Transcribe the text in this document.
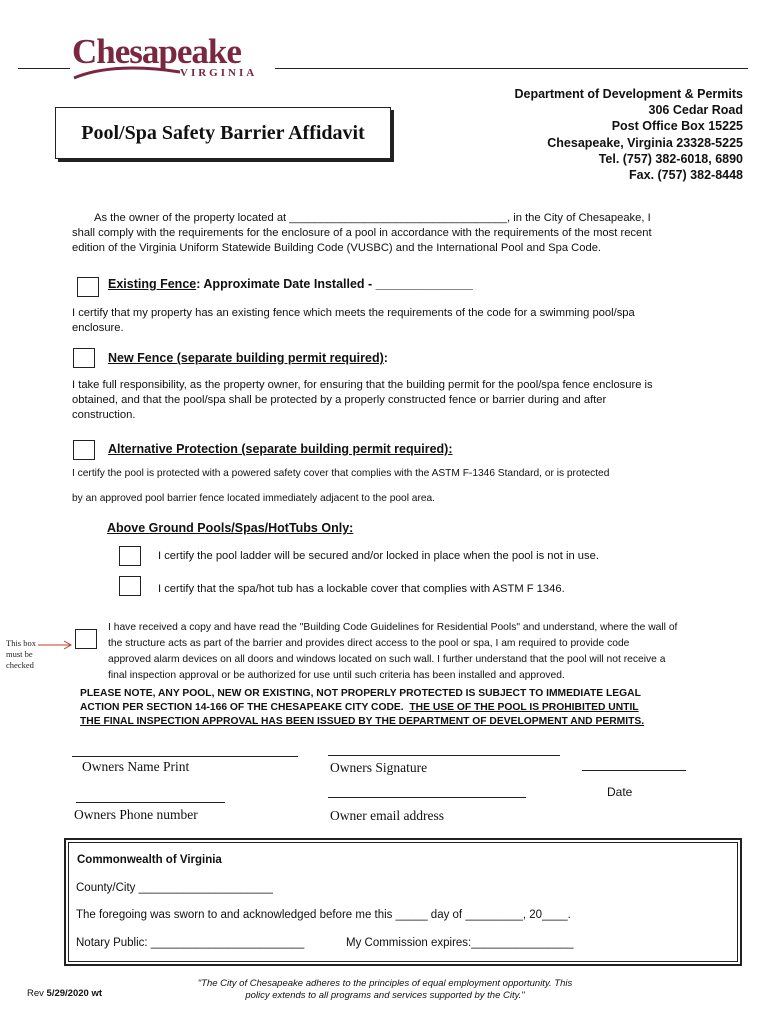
Chesapeake
VIRGINIA
Pool/Spa Safety Barrier Affidavit
Department of Development & Permits
306 Cedar Road
Post Office Box 15225
Chesapeake, Virginia 23328-5225
Tel. (757) 382-6018, 6890
Fax. (757) 382-8448
As the owner of the property located at ___________________________________, in the City of Chesapeake, I
shall comply with the requirements for the enclosure of a pool in accordance with the requirements of the most recent
edition of the Virginia Uniform Statewide Building Code (VUSBC) and the International Pool and Spa Code.
Existing Fence: Approximate Date Installed - ______________
I certify that my property has an existing fence which meets the requirements of the code for a swimming pool/spa
enclosure.
New Fence (separate building permit required):
I take full responsibility, as the property owner, for ensuring that the building permit for the pool/spa fence enclosure is
obtained, and that the pool/spa shall be protected by a properly constructed fence or barrier during and after
construction.
Alternative Protection (separate building permit required):
I certify the pool is protected with a powered safety cover that complies with the ASTM F-1346 Standard, or is protected
by an approved pool barrier fence located immediately adjacent to the pool area.
Above Ground Pools/Spas/HotTubs Only:
I certify the pool ladder will be secured and/or locked in place when the pool is not in use.
I certify that the spa/hot tub has a lockable cover that complies with ASTM F 1346.
This box
must be
checked
I have received a copy and have read the "Building Code Guidelines for Residential Pools" and understand, where the wall of
the structure acts as part of the barrier and provides direct access to the pool or spa, I am required to provide code
approved alarm devices on all doors and windows located on such wall. I further understand that the pool will not receive a
final inspection approval or be authorized for use until such criteria has been installed and approved.
PLEASE NOTE, ANY POOL, NEW OR EXISTING, NOT PROPERLY PROTECTED IS SUBJECT TO IMMEDIATE LEGAL
ACTION PER SECTION 14-166 OF THE CHESAPEAKE CITY CODE.  THE USE OF THE POOL IS PROHIBITED UNTIL
THE FINAL INSPECTION APPROVAL HAS BEEN ISSUED BY THE DEPARTMENT OF DEVELOPMENT AND PERMITS.
Owners Name Print	Owners Signature
Date
Owners Phone number	Owner email address
Commonwealth of Virginia
County/City _____________________
The foregoing was sworn to and acknowledged before me this _____ day of _________, 20____.
Notary Public: ________________________	My Commission expires:________________
Rev 5/29/2020 wt
"The City of Chesapeake adheres to the principles of equal employment opportunity. This
policy extends to all programs and services supported by the City."
